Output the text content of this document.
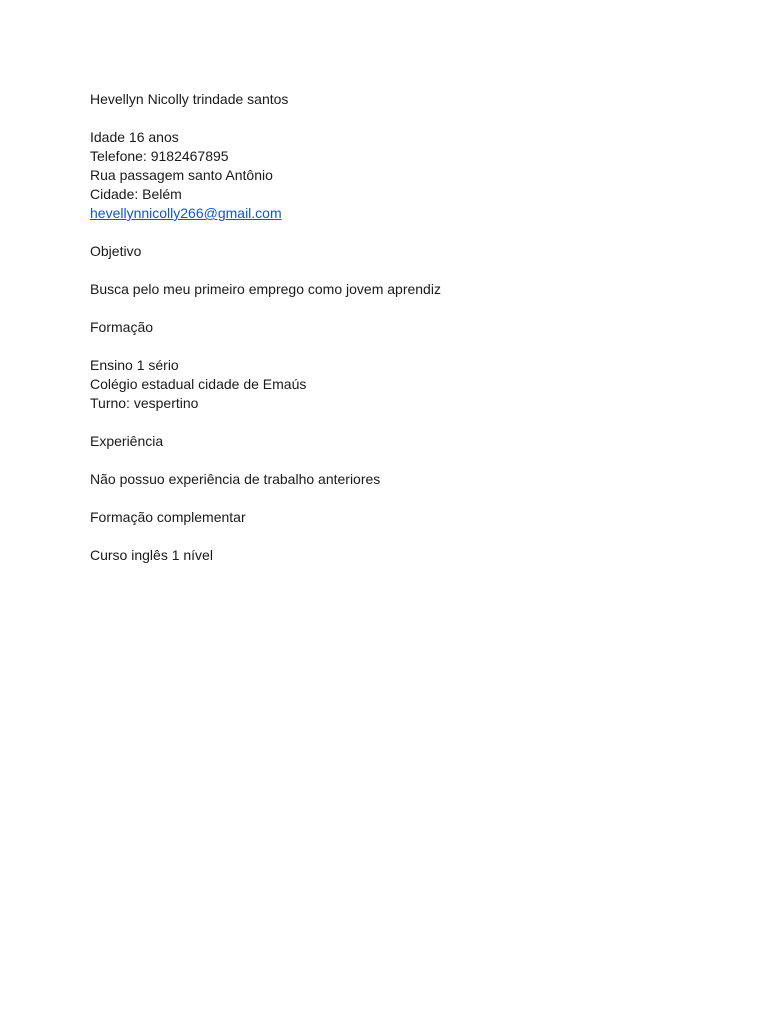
Hevellyn Nicolly trindade santos
Idade 16 anos
Telefone: 9182467895
Rua passagem santo Antônio
Cidade: Belém
hevellynnicolly266@gmail.com
Objetivo
Busca pelo meu primeiro emprego como jovem aprendiz
Formação
Ensino 1 sério
Colégio estadual cidade de Emaús
Turno: vespertino
Experiência
Não possuo experiência de trabalho anteriores
Formação complementar
Curso inglês 1 nível
